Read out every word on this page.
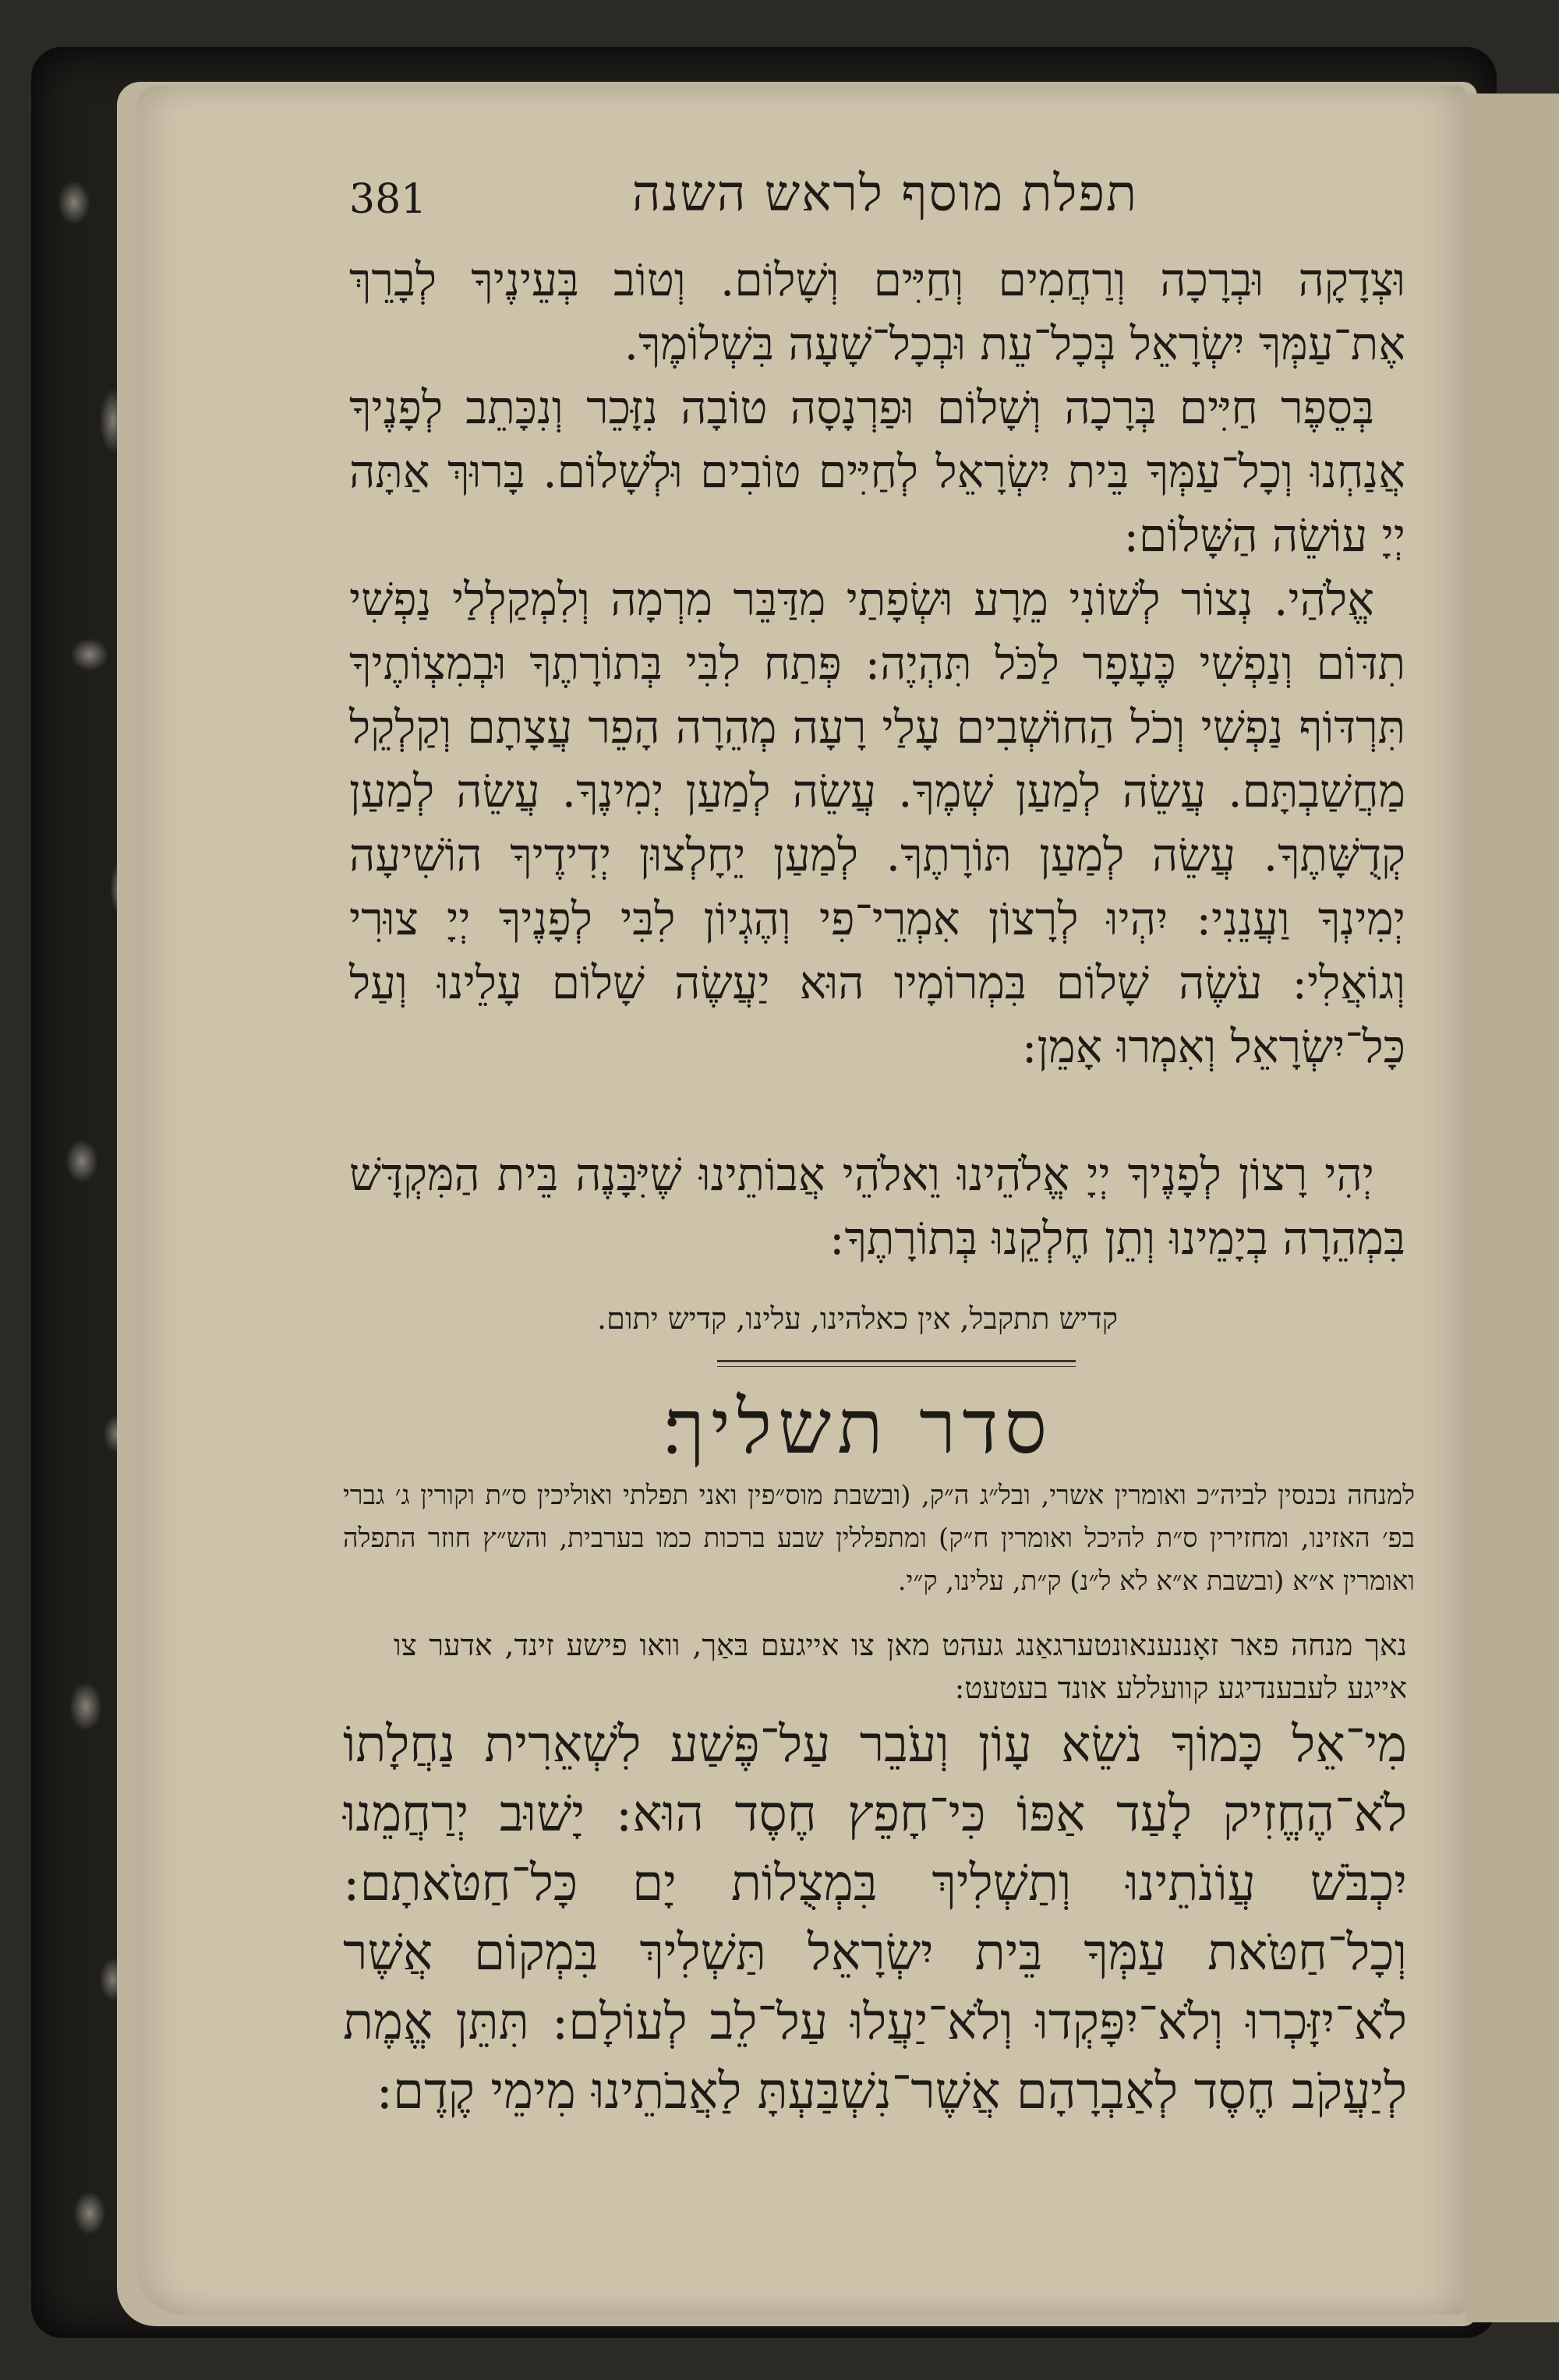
381	תפלת מוסף לראש השנה
וּצְדָקָה וּבְרָכָה וְרַחֲמִים וְחַיִּים וְשָׁלוֹם. וְטוֹב בְּעֵינֶיךָ לְבָרֵךְ אֶת־עַמְּךָ יִשְׂרָאֵל בְּכָל־עֵת וּבְכָל־שָׁעָה בִּשְׁלוֹמֶךָ.
בְּסֵפֶר חַיִּים בְּרָכָה וְשָׁלוֹם וּפַרְנָסָה טוֹבָה נִזָּכֵר וְנִכָּתֵב לְפָנֶיךָ אֲנַחְנוּ וְכָל־עַמְּךָ בֵּית יִשְׂרָאֵל לְחַיִּים טוֹבִים וּלְשָׁלוֹם. בָּרוּךְ אַתָּה יְיָ עוֹשֵׂה הַשָּׁלוֹם:
אֱלֹהַי. נְצוֹר לְשׁוֹנִי מֵרָע וּשְׂפָתַי מִדַּבֵּר מִרְמָה וְלִמְקַלְלַי נַפְשִׁי תִדּוֹם וְנַפְשִׁי כֶּעָפָר לַכֹּל תִּהְיֶה: פְּתַח לִבִּי בְּתוֹרָתֶךָ וּבְמִצְוֹתֶיךָ תִּרְדּוֹף נַפְשִׁי וְכֹל הַחוֹשְׁבִים עָלַי רָעָה מְהֵרָה הָפֵר עֲצָתָם וְקַלְקֵל מַחֲשַׁבְתָּם. עֲשֵׂה לְמַעַן שְׁמֶךָ. עֲשֵׂה לְמַעַן יְמִינֶךָ. עֲשֵׂה לְמַעַן קְדֻשָּׁתֶךָ. עֲשֵׂה לְמַעַן תּוֹרָתֶךָ. לְמַעַן יֵחָלְצוּן יְדִידֶיךָ הוֹשִׁיעָה יְמִינְךָ וַעֲנֵנִי: יִהְיוּ לְרָצוֹן אִמְרֵי־פִי וְהֶגְיוֹן לִבִּי לְפָנֶיךָ יְיָ צוּרִי וְגוֹאֲלִי: עֹשֶׂה שָׁלוֹם בִּמְרוֹמָיו הוּא יַעֲשֶׂה שָׁלוֹם עָלֵינוּ וְעַל כָּל־יִשְׂרָאֵל וְאִמְרוּ אָמֵן:
יְהִי רָצוֹן לְפָנֶיךָ יְיָ אֱלֹהֵינוּ וֵאלֹהֵי אֲבוֹתֵינוּ שֶׁיִּבָּנֶה בֵּית הַמִּקְדָּשׁ בִּמְהֵרָה בְיָמֵינוּ וְתֵן חֶלְקֵנוּ בְּתוֹרָתֶךָ:
קדיש תתקבל, אין כאלהינו, עלינו, קדיש יתום.
סדר תשליך׃
למנחה נכנסין לביה״כ ואומרין אשרי, ובל״ג ה״ק, (ובשבת מוס״פין ואני תפלתי ואוליכין ס״ת וקורין ג׳ גברי בפ׳ האזינו, ומחזירין ס״ת להיכל ואומרין ח״ק) ומתפללין שבע ברכות כמו בערבית, והש״ץ חוזר התפלה ואומרין א״א (ובשבת א״א לא ל״נ) ק״ת, עלינו, ק״י.
נאך מנחה פאר זאָננענאונטערגאַנג געהט מאן צו אייגעם בּאַך, וואו פישע זינד, אדער צו אייגע לעבענדיגע קוועללע אונד בעטעט:
מִי־אֵל כָּמוֹךָ נֹשֵׂא עָוֹן וְעֹבֵר עַל־פֶּשַׁע לִשְׁאֵרִית נַחֲלָתוֹ לֹא־הֶחֱזִיק לָעַד אַפּוֹ כִּי־חָפֵץ חֶסֶד הוּא: יָשׁוּב יְרַחֲמֵנוּ יִכְבֹּשׁ עֲוֹנֹתֵינוּ וְתַשְׁלִיךְ בִּמְצֻלוֹת יָם כָּל־חַטֹּאתָם: וְכָל־חַטֹּאת עַמְּךָ בֵּית יִשְׂרָאֵל תַּשְׁלִיךְ בִּמְקוֹם אֲשֶׁר לֹא־יִזָּכְרוּ וְלֹא־יִפָּקְדוּ וְלֹא־יַעֲלוּ עַל־לֵב לְעוֹלָם: תִּתֵּן אֱמֶת לְיַעֲקֹב חֶסֶד לְאַבְרָהָם אֲשֶׁר־נִשְׁבַּעְתָּ לַאֲבֹתֵינוּ מִימֵי קֶדֶם:
